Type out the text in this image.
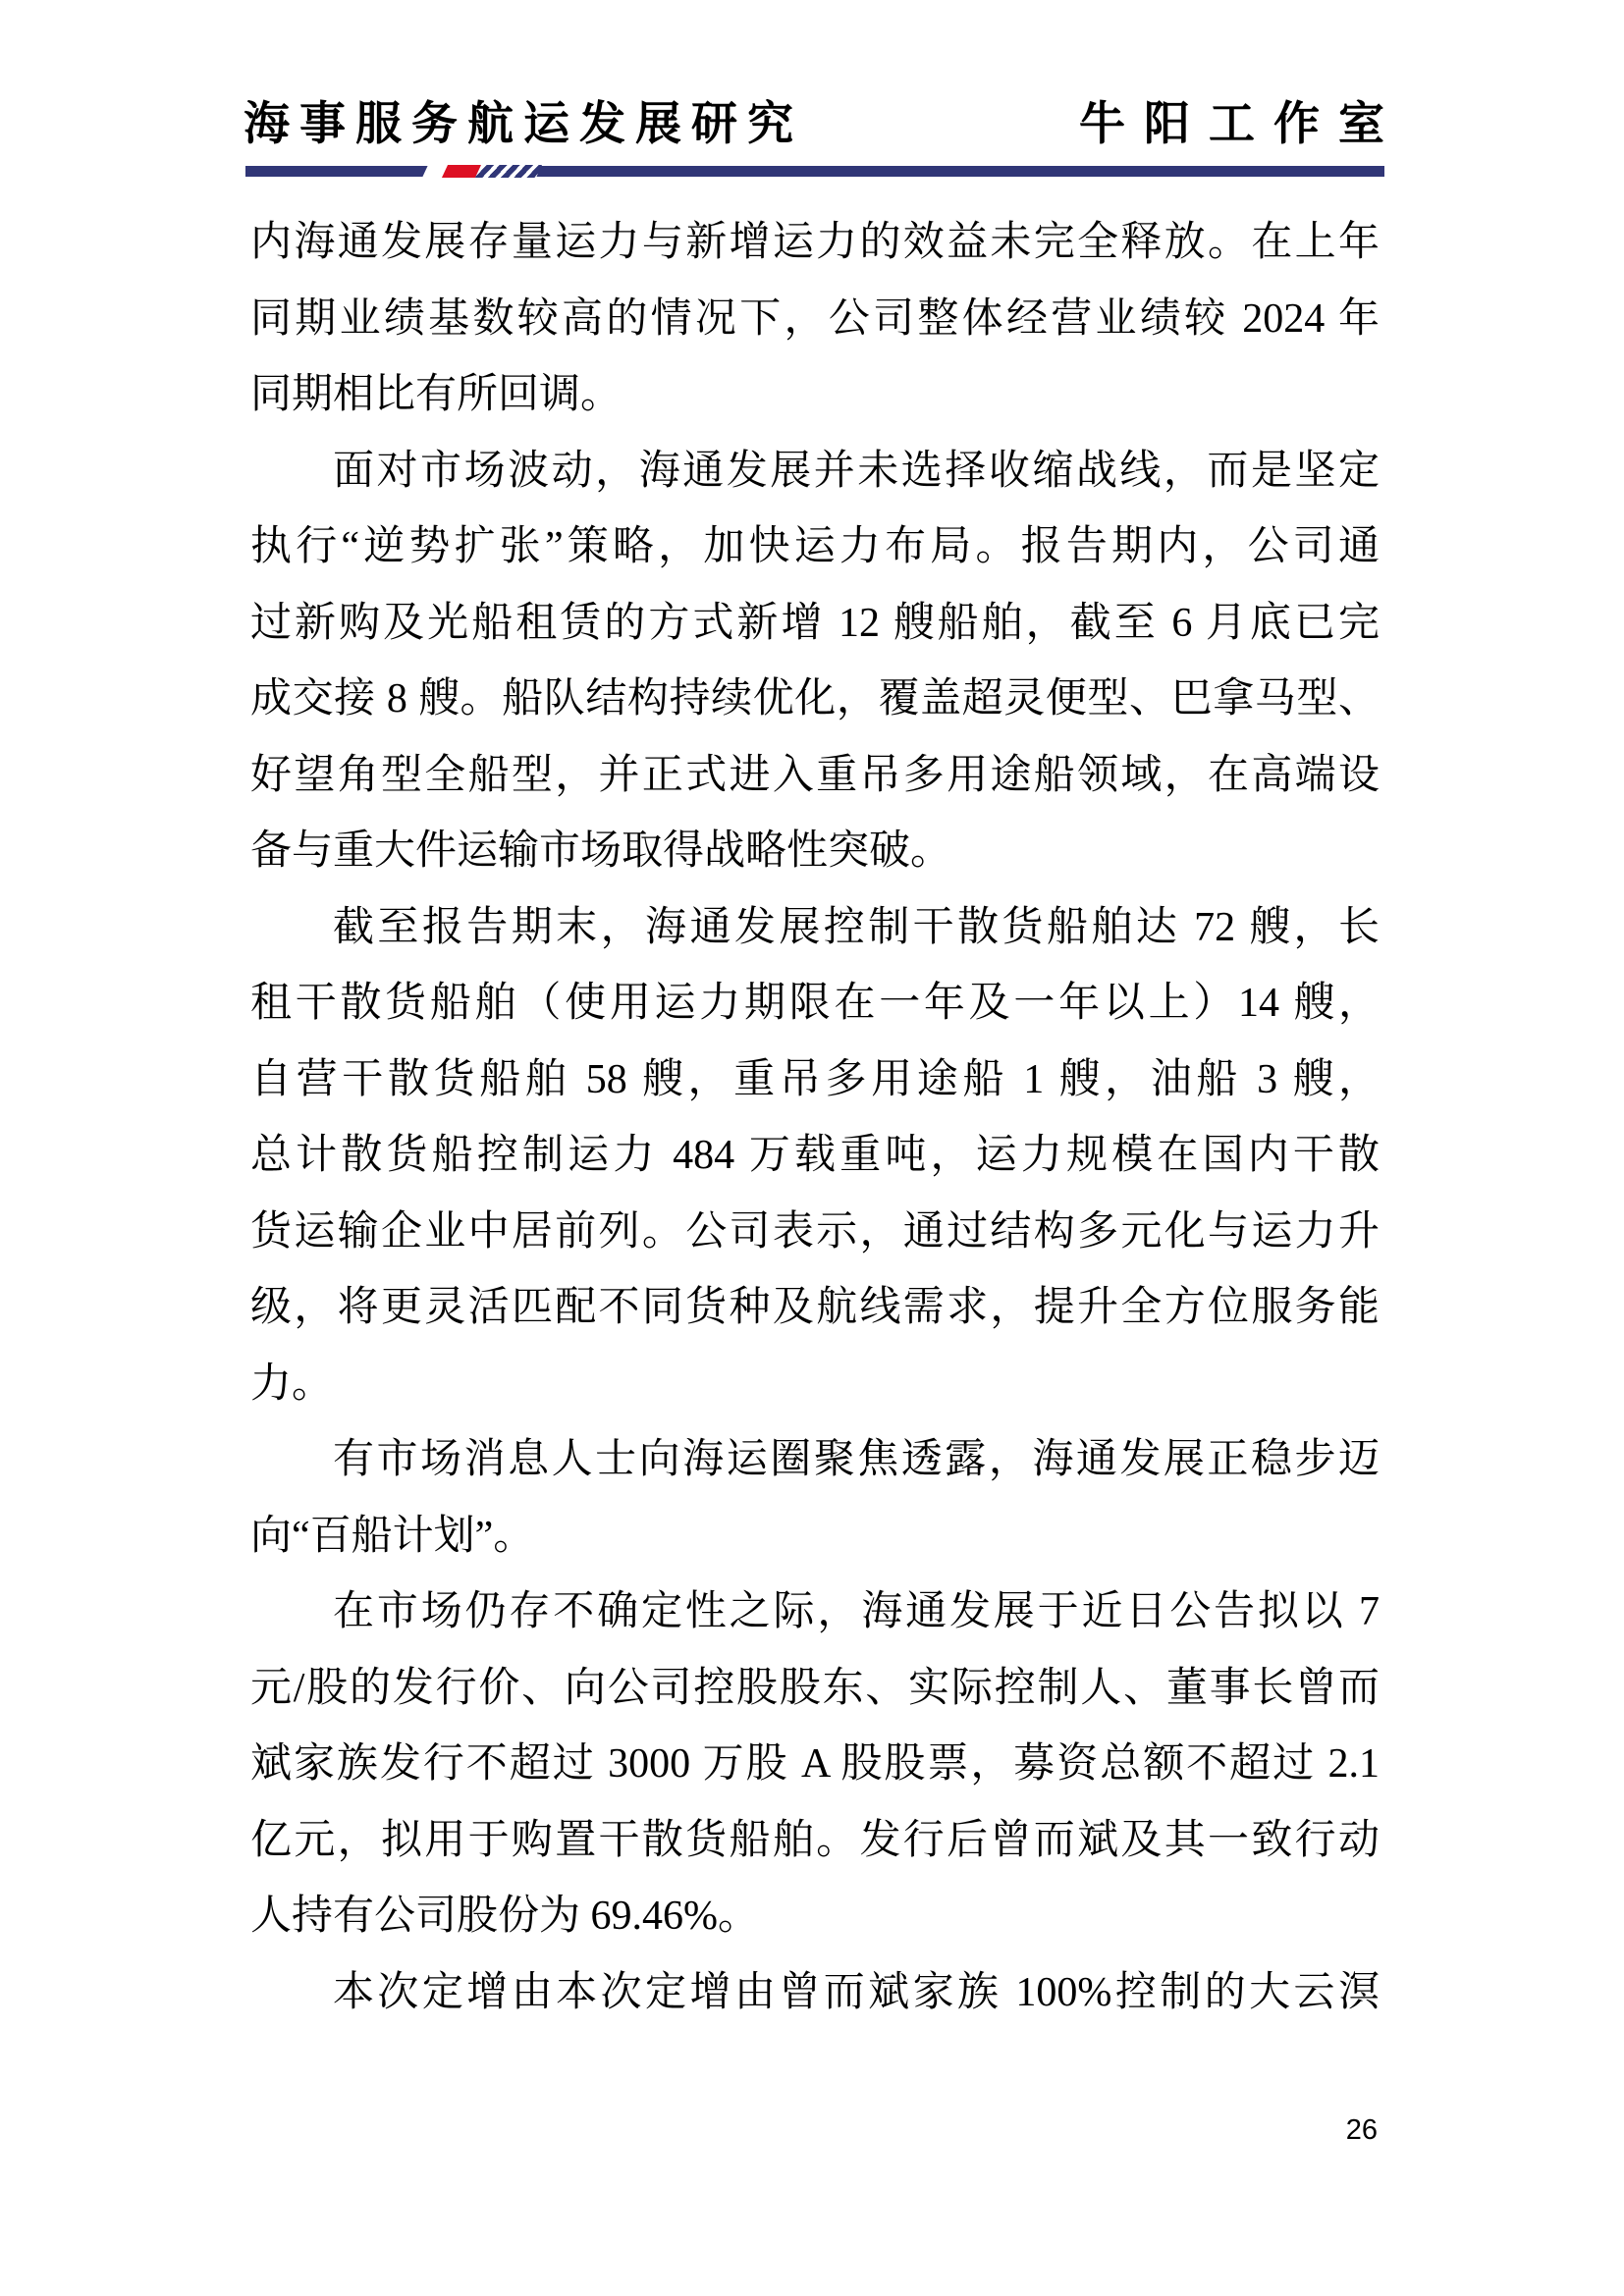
海事服务航运发展研究	牛阳工作室
内海通发展存量运力与新增运力的效益未完全释放。在上年
同期业绩基数较高的情况下，公司整体经营业绩较 2024 年
同期相比有所回调。
面对市场波动，海通发展并未选择收缩战线，而是坚定
执行“逆势扩张”策略，加快运力布局。报告期内，公司通
过新购及光船租赁的方式新增 12 艘船舶，截至 6 月底已完
成交接 8 艘。船队结构持续优化，覆盖超灵便型、巴拿马型、
好望角型全船型，并正式进入重吊多用途船领域，在高端设
备与重大件运输市场取得战略性突破。
截至报告期末，海通发展控制干散货船舶达 72 艘，长
租干散货船舶（使用运力期限在一年及一年以上）14 艘，
自营干散货船舶 58 艘，重吊多用途船 1 艘，油船 3 艘，
总计散货船控制运力 484 万载重吨，运力规模在国内干散
货运输企业中居前列。公司表示，通过结构多元化与运力升
级，将更灵活匹配不同货种及航线需求，提升全方位服务能
力。
有市场消息人士向海运圈聚焦透露，海通发展正稳步迈
向“百船计划”。
在市场仍存不确定性之际，海通发展于近日公告拟以 7
元/股的发行价、向公司控股股东、实际控制人、董事长曾而
斌家族发行不超过 3000 万股 A 股股票，募资总额不超过 2.1
亿元，拟用于购置干散货船舶。发行后曾而斌及其一致行动
人持有公司股份为 69.46%。
本次定增由本次定增由曾而斌家族 100%控制的大云溟
26
